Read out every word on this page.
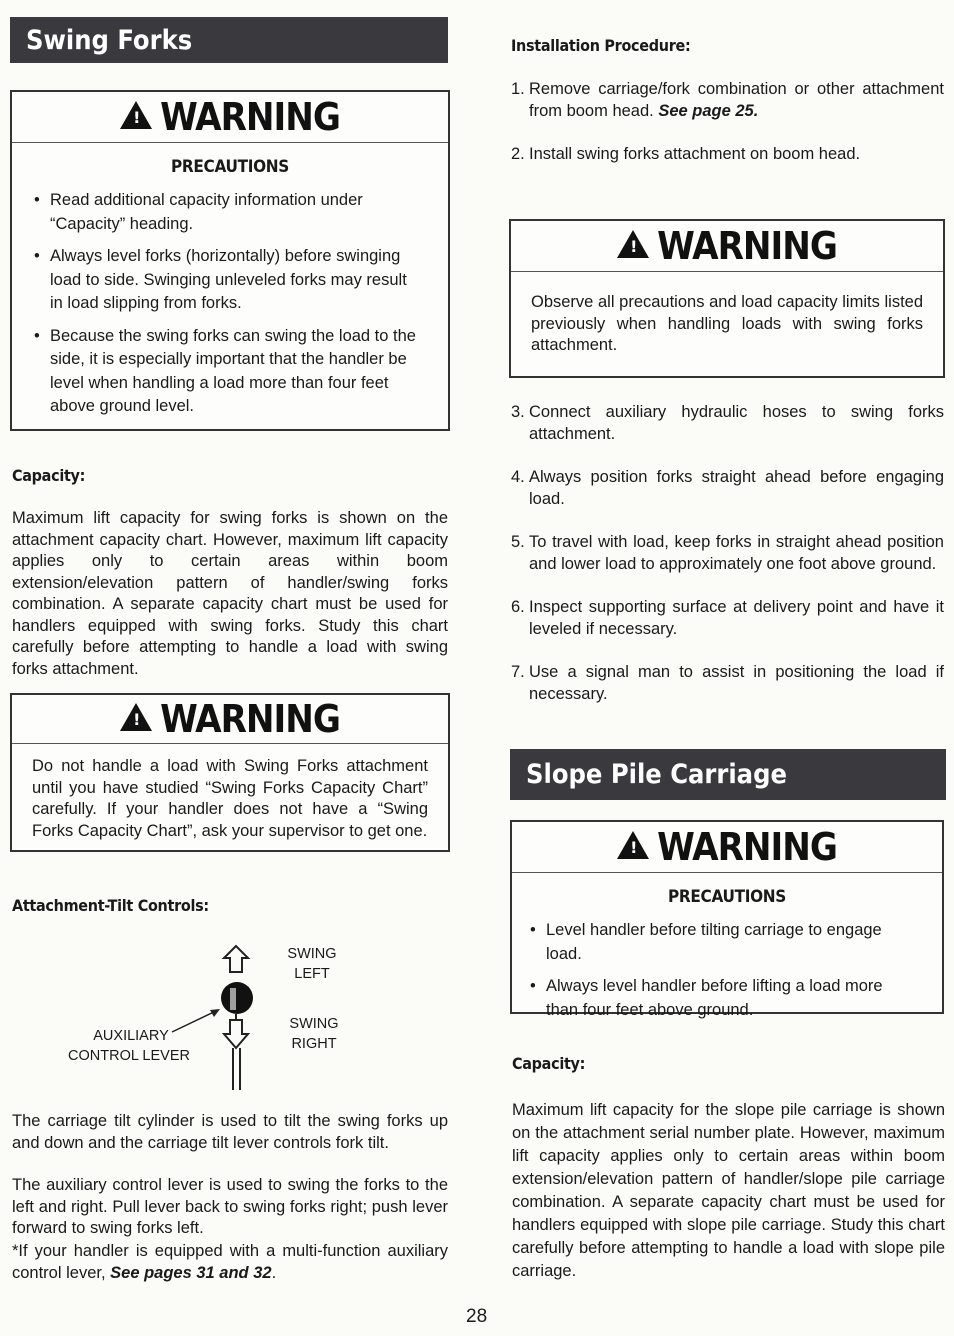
Swing Forks
!
WARNING
PRECAUTIONS
• Read additional capacity information under “Capacity” heading.
• Always level forks (horizontally) before swinging load to side. Swinging unleveled forks may result in load slipping from forks.
• Because the swing forks can swing the load to the side, it is especially important that the handler be level when handling a load more than four feet above ground level.
Capacity:
Maximum lift capacity for swing forks is shown on the attachment capacity chart. However, maximum lift capacity applies only to certain areas within boom extension/elevation pattern of handler/swing forks combination. A separate capacity chart must be used for handlers equipped with swing forks. Study this chart carefully before attempting to handle a load with swing forks attachment.
!
WARNING
Do not handle a load with Swing Forks attachment until you have studied “Swing Forks Capacity Chart” carefully. If your handler does not have a “Swing Forks Capacity Chart”, ask your supervisor to get one.
Attachment-Tilt Controls:
SWING
LEFT
SWING
RIGHT
AUXILIARY
CONTROL LEVER
The carriage tilt cylinder is used to tilt the swing forks up and down and the carriage tilt lever controls fork tilt.
The auxiliary control lever is used to swing the forks to the left and right. Pull lever back to swing forks right; push lever forward to swing forks left.
*If your handler is equipped with a multi-function auxiliary control lever, See pages 31 and 32.
Installation Procedure:
1. Remove carriage/fork combination or other attachment from boom head. See page 25.
2. Install swing forks attachment on boom head.
!
WARNING
Observe all precautions and load capacity limits listed previously when handling loads with swing forks attachment.
3. Connect auxiliary hydraulic hoses to swing forks attachment.
4. Always position forks straight ahead before engaging load.
5. To travel with load, keep forks in straight ahead position and lower load to approximately one foot above ground.
6. Inspect supporting surface at delivery point and have it leveled if necessary.
7. Use a signal man to assist in positioning the load if necessary.
Slope Pile Carriage
!
WARNING
PRECAUTIONS
• Level handler before tilting carriage to engage load.
• Always level handler before lifting a load more than four feet above ground.
Capacity:
Maximum lift capacity for the slope pile carriage is shown on the attachment serial number plate. However, maximum lift capacity applies only to certain areas within boom extension/elevation pattern of handler/slope pile carriage combination. A separate capacity chart must be used for handlers equipped with slope pile carriage. Study this chart carefully before attempting to handle a load with slope pile carriage.
28
